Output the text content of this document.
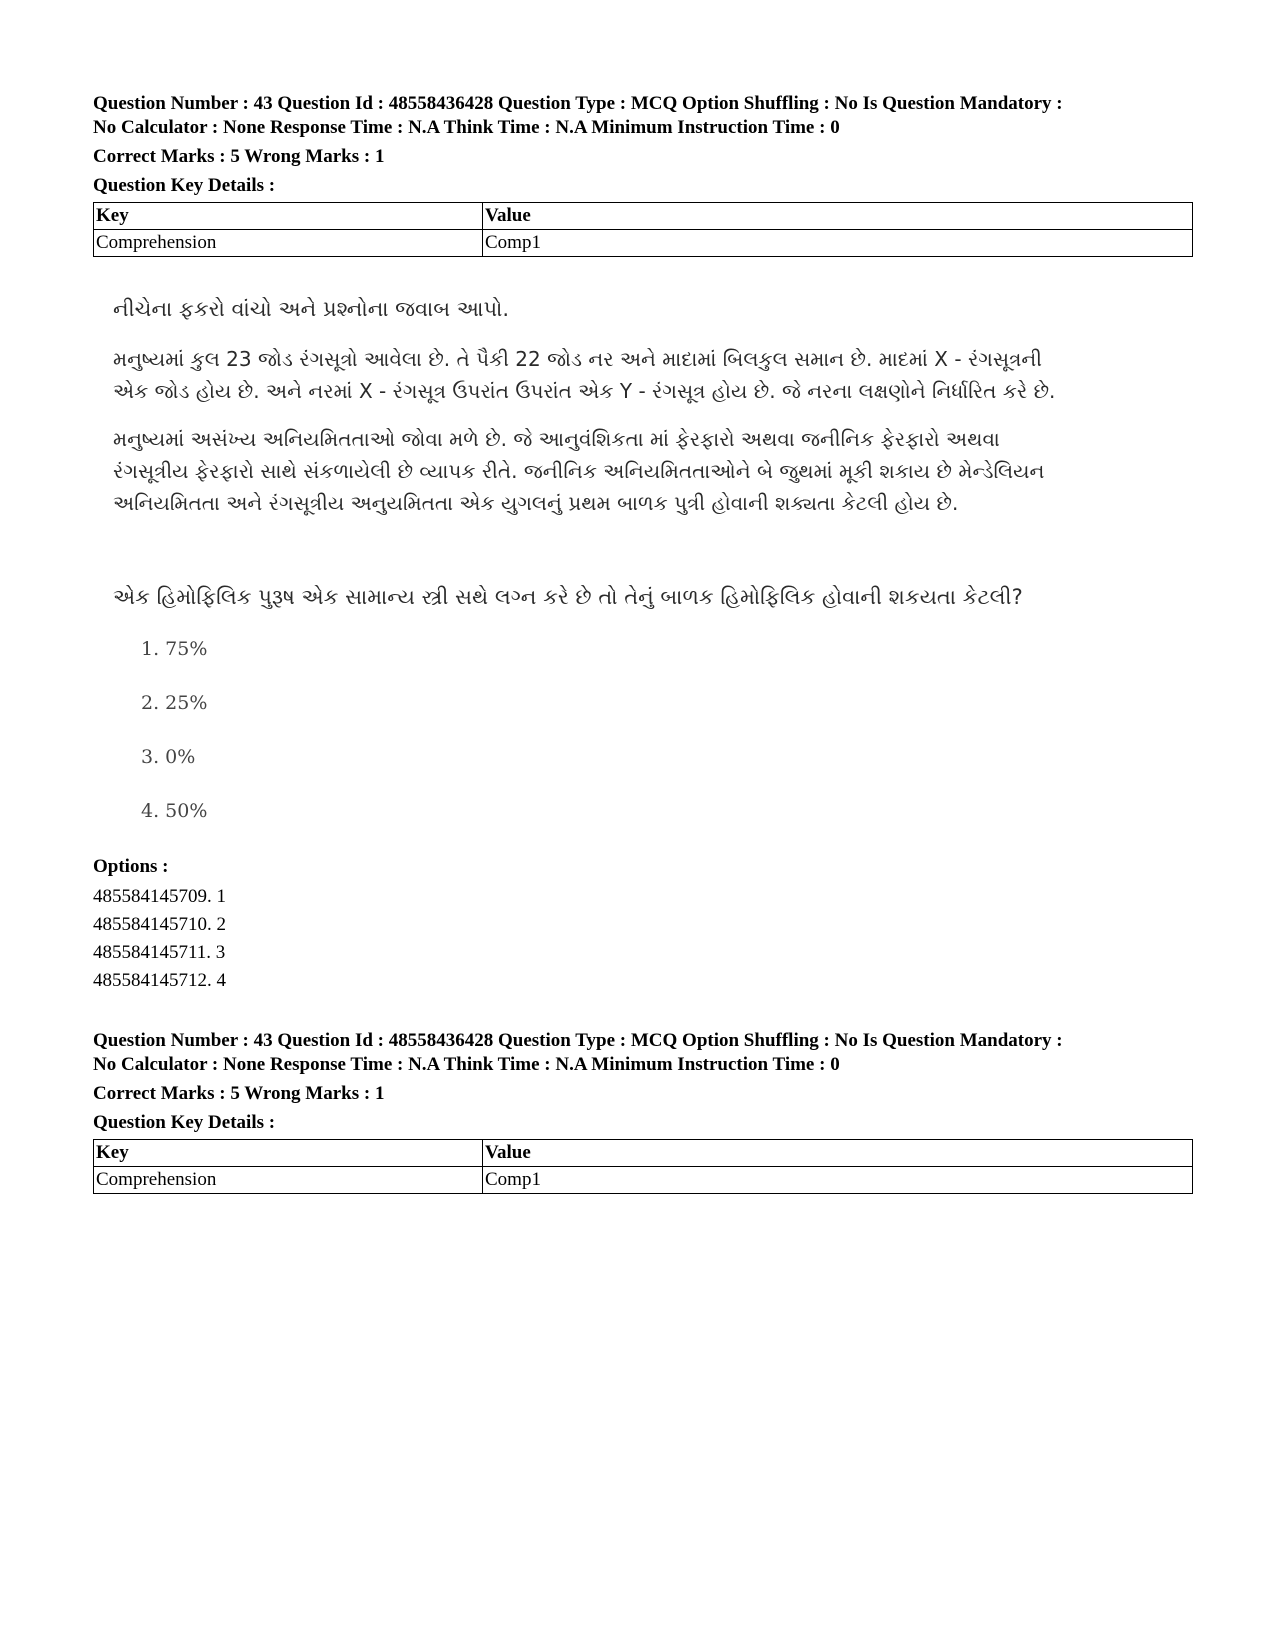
Question Number : 43 Question Id : 48558436428 Question Type : MCQ Option Shuffling : No Is Question Mandatory :
No Calculator : None Response Time : N.A Think Time : N.A Minimum Instruction Time : 0
Correct Marks : 5 Wrong Marks : 1
Question Key Details :
Key	Value
Comprehension	Comp1
નીચેના ફકરો વાંચો અને પ્રશ્નોના જવાબ આપો.
મનુષ્યમાં કુલ 23 જોડ રંગસૂત્રો આવેલા છે. તે પૈકી 22 જોડ નર અને માદામાં બિલકુલ સમાન છે. માદમાં X - રંગસૂત્રની
એક જોડ હોય છે. અને નરમાં X - રંગસૂત્ર ઉપરાંત ઉપરાંત એક Y - રંગસૂત્ર હોય છે. જે નરના લક્ષણોને નિર્ધારિત કરે છે.
મનુષ્યમાં અસંખ્ય અનિયમિતતાઓ જોવા મળે છે. જે આનુવંશિકતા માં ફેરફારો અથવા જનીનિક ફેરફારો અથવા
રંગસૂત્રીય ફેરફારો સાથે સંકળાયેલી છે વ્યાપક રીતે. જનીનિક અનિયમિતતાઓને બે જુથમાં મૂકી શકાય છે મેન્ડેલિયન
અનિયમિતતા અને રંગસૂત્રીય અનુયમિતતા એક યુગલનું પ્રથમ બાળક પુત્રી હોવાની શક્યતા કેટલી હોય છે.
એક હિમોફિલિક પુરૂષ એક સામાન્ય સ્ત્રી સથે લગ્ન કરે છે તો તેનું બાળક હિમોફિલિક હોવાની શકયતા કેટલી?
1. 75%
2. 25%
3. 0%
4. 50%
Options :
485584145709. 1
485584145710. 2
485584145711. 3
485584145712. 4
Question Number : 43 Question Id : 48558436428 Question Type : MCQ Option Shuffling : No Is Question Mandatory :
No Calculator : None Response Time : N.A Think Time : N.A Minimum Instruction Time : 0
Correct Marks : 5 Wrong Marks : 1
Question Key Details :
Key	Value
Comprehension	Comp1
